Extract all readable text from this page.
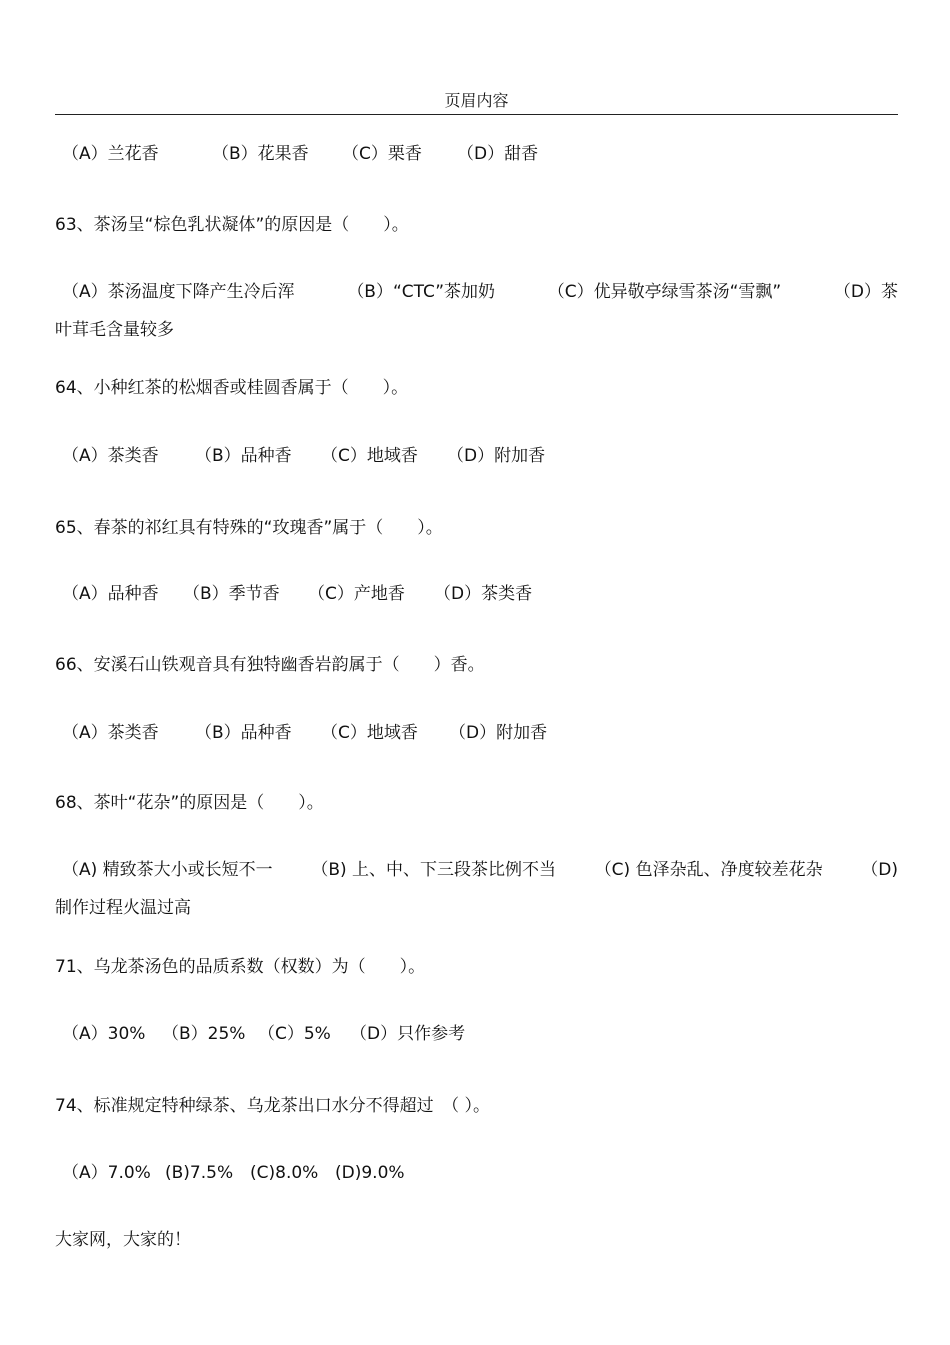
页眉内容
（A）兰花香	（B）花果香 （C）栗香 （D）甜香
63、茶汤呈“棕色乳状凝体”的原因是（　　）。
（A）茶汤温度下降产生冷后浑	（B）“CTC”茶加奶	（C）优异敬亭绿雪茶汤“雪飘”	（D）茶
叶茸毛含量较多
64、小种红茶的松烟香或桂圆香属于（　　）。
（A）茶类香 （B）品种香 （C）地域香 （D）附加香
65、春茶的祁红具有特殊的“玫瑰香”属于（　　）。
（A）品种香 （B）季节香 （C）产地香 （D）茶类香
66、安溪石山铁观音具有独特幽香岩韵属于（　　）香。
（A）茶类香 （B）品种香 （C）地域香 （D）附加香
68、茶叶“花杂”的原因是（　　）。
（A) 精致茶大小或长短不一 （B) 上、中、下三段茶比例不当 （C) 色泽杂乱、净度较差花杂 （D)
制作过程火温过高
71、乌龙茶汤色的品质系数（权数）为（　　）。
（A）30% （B）25% （C）5% （D）只作参考
74、标准规定特种绿茶、乌龙茶出口水分不得超过　（ ）。
（A）7.0% (B)7.5% (C)8.0% (D)9.0%
大家网，大家的！
